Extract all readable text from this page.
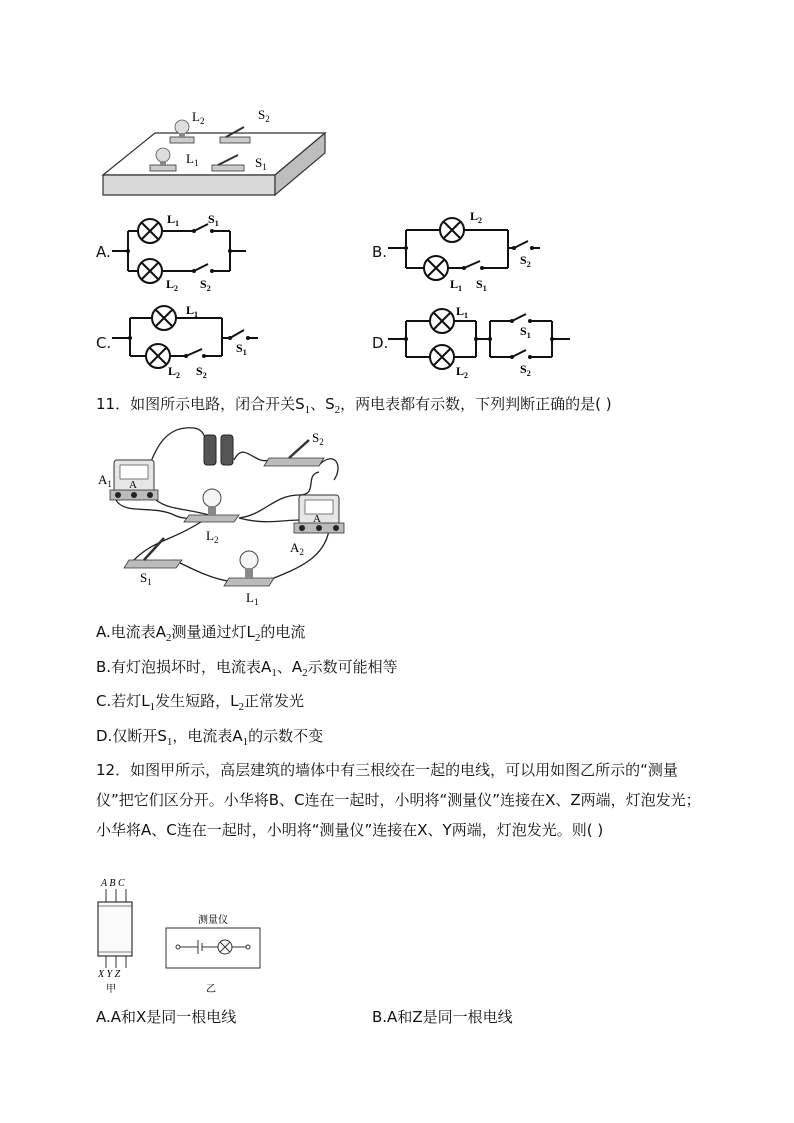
$L_2$	$S_2$
$L_1$	$S_1$
A.
$L_1$ $S_1$
$L_2$ $S_2$
B.
$L_2$
$S_2$
$L_1$ $S_1$
C.
$L_1$
$S_1$
$L_2$ $S_2$
D.
$L_1$
$L_2$
$S_1$
$S_2$
11．如图所示电路，闭合开关$S_1$、$S_2$，两电表都有示数，下列判断正确的是( )
A
A
$A_1$
$S_2$
$L_2$	$A_2$
$S_1$
$L_1$
A.电流表$A_2$测量通过灯$L_2$的电流
B.有灯泡损坏时，电流表$A_1$、$A_2$示数可能相等
C.若灯$L_1$发生短路，$L_2$正常发光
D.仅断开$S_1$，电流表$A_1$的示数不变
12．如图甲所示，高层建筑的墙体中有三根绞在一起的电线，可以用如图乙所示的“测量仪”把它们区分开。小华将B、C连在一起时，小明将“测量仪”连接在X、Z两端，灯泡发光；小华将A、C连在一起时，小明将“测量仪”连接在X、Y两端，灯泡发光。则( )
A B C
X Y Z
甲
测量仪
乙
A.A和X是同一根电线	B.A和Z是同一根电线
